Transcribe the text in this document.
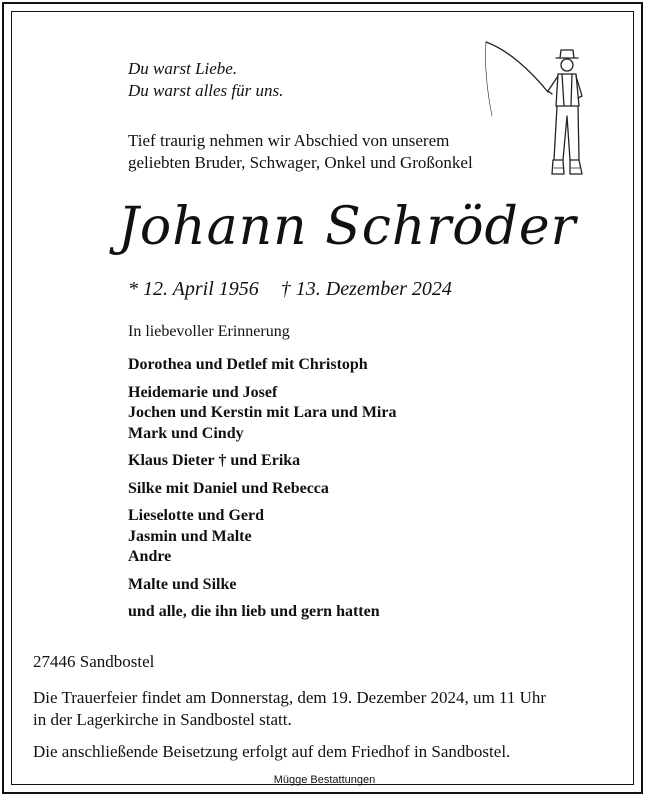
Du warst Liebe.
Du warst alles für uns.
Tief traurig nehmen wir Abschied von unserem
geliebten Bruder, Schwager, Onkel und Großonkel
Johann Schröder
* 12. April 1956 † 13. Dezember 2024
In liebevoller Erinnerung
Dorothea und Detlef mit Christoph
Heidemarie und Josef
Jochen und Kerstin mit Lara und Mira
Mark und Cindy
Klaus Dieter † und Erika
Silke mit Daniel und Rebecca
Lieselotte und Gerd
Jasmin und Malte
Andre
Malte und Silke
und alle, die ihn lieb und gern hatten
27446 Sandbostel
Die Trauerfeier findet am Donnerstag, dem 19. Dezember 2024, um 11 Uhr
in der Lagerkirche in Sandbostel statt.
Die anschließende Beisetzung erfolgt auf dem Friedhof in Sandbostel.
Mügge Bestattungen
